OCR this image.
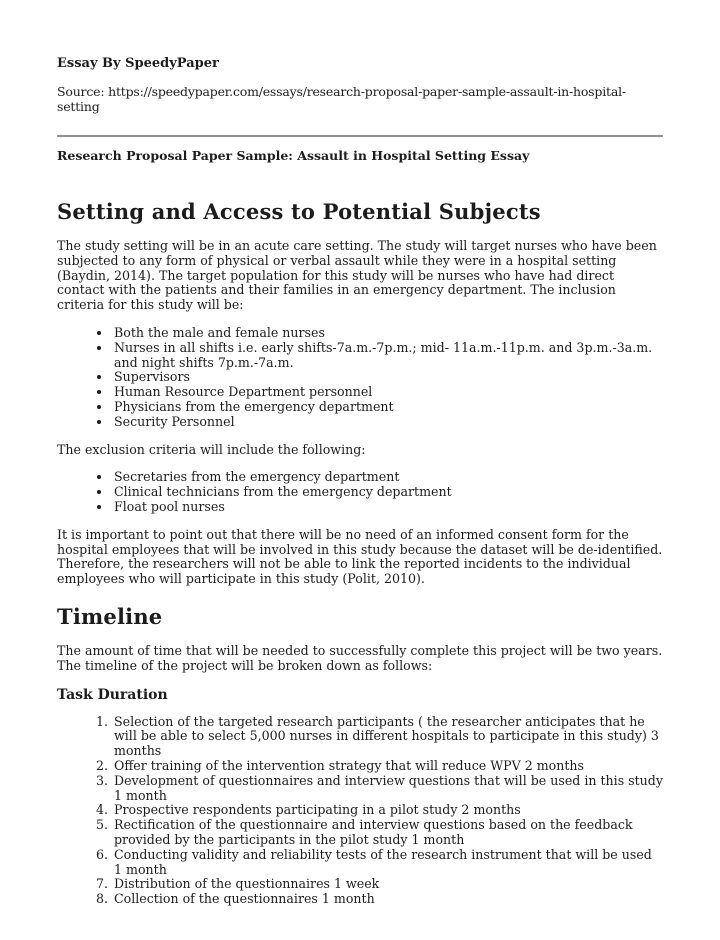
Essay By SpeedyPaper
Source: https://speedypaper.com/essays/research-proposal-paper-sample-assault-in-hospital-setting
Research Proposal Paper Sample: Assault in Hospital Setting Essay
Setting and Access to Potential Subjects

The study setting will be in an acute care setting. The study will target nurses who have been subjected to any form of physical or verbal assault while they were in a hospital setting (Baydin, 2014). The target population for this study will be nurses who have had direct contact with the patients and their families in an emergency department. The inclusion criteria for this study will be:

• Both the male and female nurses
• Nurses in all shifts i.e. early shifts-7a.m.-7p.m.; mid- 11a.m.-11p.m. and 3p.m.-3a.m. and night shifts 7p.m.-7a.m.
• Supervisors
• Human Resource Department personnel
• Physicians from the emergency department
• Security Personnel

The exclusion criteria will include the following:

• Secretaries from the emergency department
• Clinical technicians from the emergency department
• Float pool nurses

It is important to point out that there will be no need of an informed consent form for the hospital employees that will be involved in this study because the dataset will be de-identified. Therefore, the researchers will not be able to link the reported incidents to the individual employees who will participate in this study (Polit, 2010).

Timeline

The amount of time that will be needed to successfully complete this project will be two years. The timeline of the project will be broken down as follows:

Task Duration
1. Selection of the targeted research participants ( the researcher anticipates that he will be able to select 5,000 nurses in different hospitals to participate in this study) 3 months
2. Offer training of the intervention strategy that will reduce WPV 2 months
3. Development of questionnaires and interview questions that will be used in this study 1 month
4. Prospective respondents participating in a pilot study 2 months
5. Rectification of the questionnaire and interview questions based on the feedback provided by the participants in the pilot study 1 month
6. Conducting validity and reliability tests of the research instrument that will be used 1 month
7. Distribution of the questionnaires 1 week
8. Collection of the questionnaires 1 month
